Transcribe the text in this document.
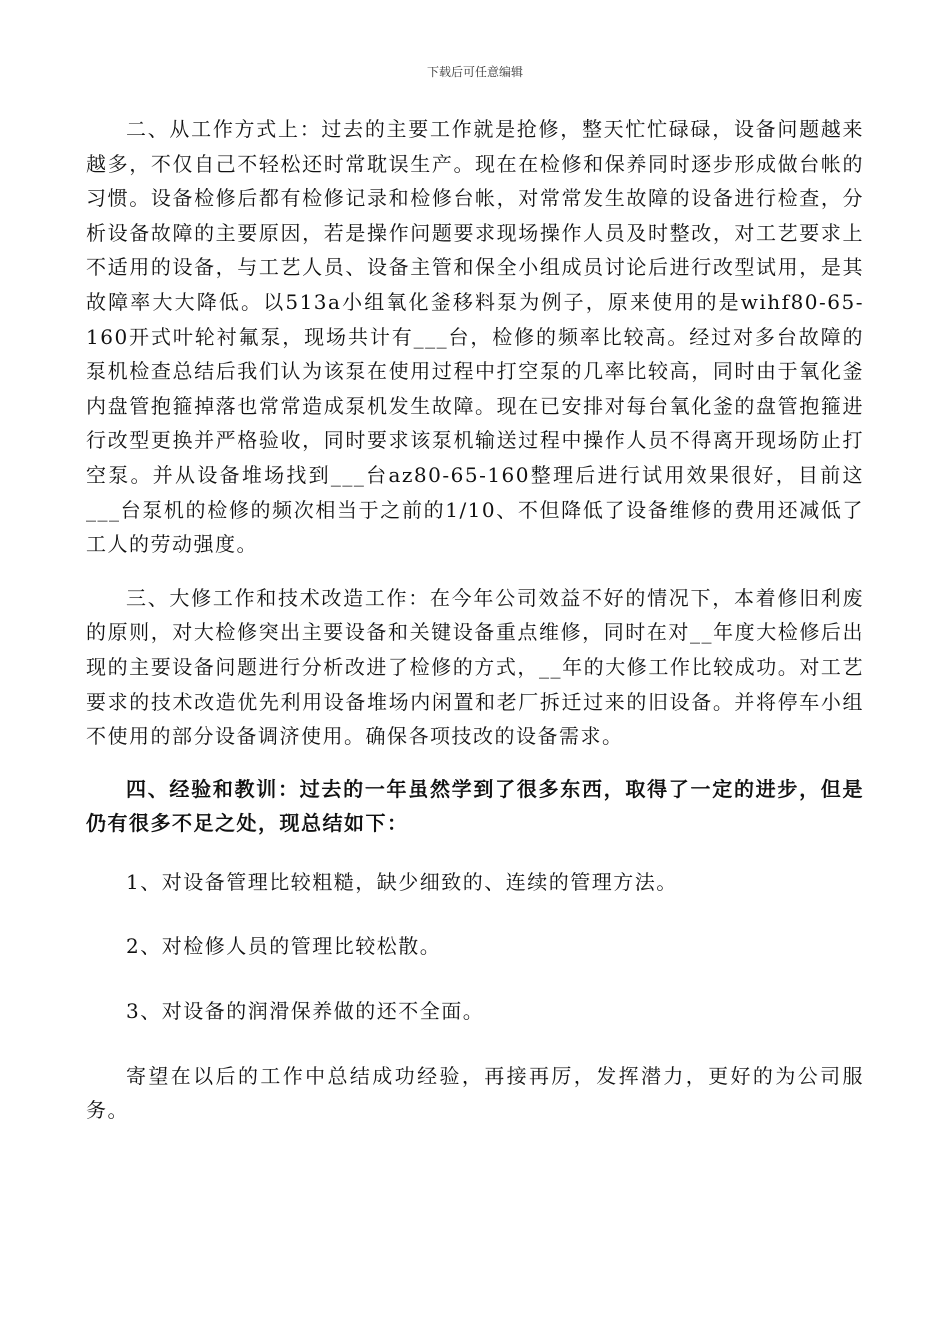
下载后可任意编辑

二、从工作方式上：过去的主要工作就是抢修，整天忙忙碌碌，设备问题越来越多，不仅自己不轻松还时常耽误生产。现在在检修和保养同时逐步形成做台帐的习惯。设备检修后都有检修记录和检修台帐，对常常发生故障的设备进行检查，分析设备故障的主要原因，若是操作问题要求现场操作人员及时整改，对工艺要求上不适用的设备，与工艺人员、设备主管和保全小组成员讨论后进行改型试用，是其故障率大大降低。以513a小组氧化釜移料泵为例子，原来使用的是wihf80-65-160开式叶轮衬氟泵，现场共计有___台，检修的频率比较高。经过对多台故障的泵机检查总结后我们认为该泵在使用过程中打空泵的几率比较高，同时由于氧化釜内盘管抱箍掉落也常常造成泵机发生故障。现在已安排对每台氧化釜的盘管抱箍进行改型更换并严格验收，同时要求该泵机输送过程中操作人员不得离开现场防止打空泵。并从设备堆场找到___台az80-65-160整理后进行试用效果很好，目前这___台泵机的检修的频次相当于之前的1/10、不但降低了设备维修的费用还减低了工人的劳动强度。

三、大修工作和技术改造工作：在今年公司效益不好的情况下，本着修旧利废的原则，对大检修突出主要设备和关键设备重点维修，同时在对__年度大检修后出现的主要设备问题进行分析改进了检修的方式，__年的大修工作比较成功。对工艺要求的技术改造优先利用设备堆场内闲置和老厂拆迁过来的旧设备。并将停车小组不使用的部分设备调济使用。确保各项技改的设备需求。

四、经验和教训：过去的一年虽然学到了很多东西，取得了一定的进步，但是仍有很多不足之处，现总结如下：

1、对设备管理比较粗糙，缺少细致的、连续的管理方法。

2、对检修人员的管理比较松散。

3、对设备的润滑保养做的还不全面。

寄望在以后的工作中总结成功经验，再接再厉，发挥潜力，更好的为公司服务。
